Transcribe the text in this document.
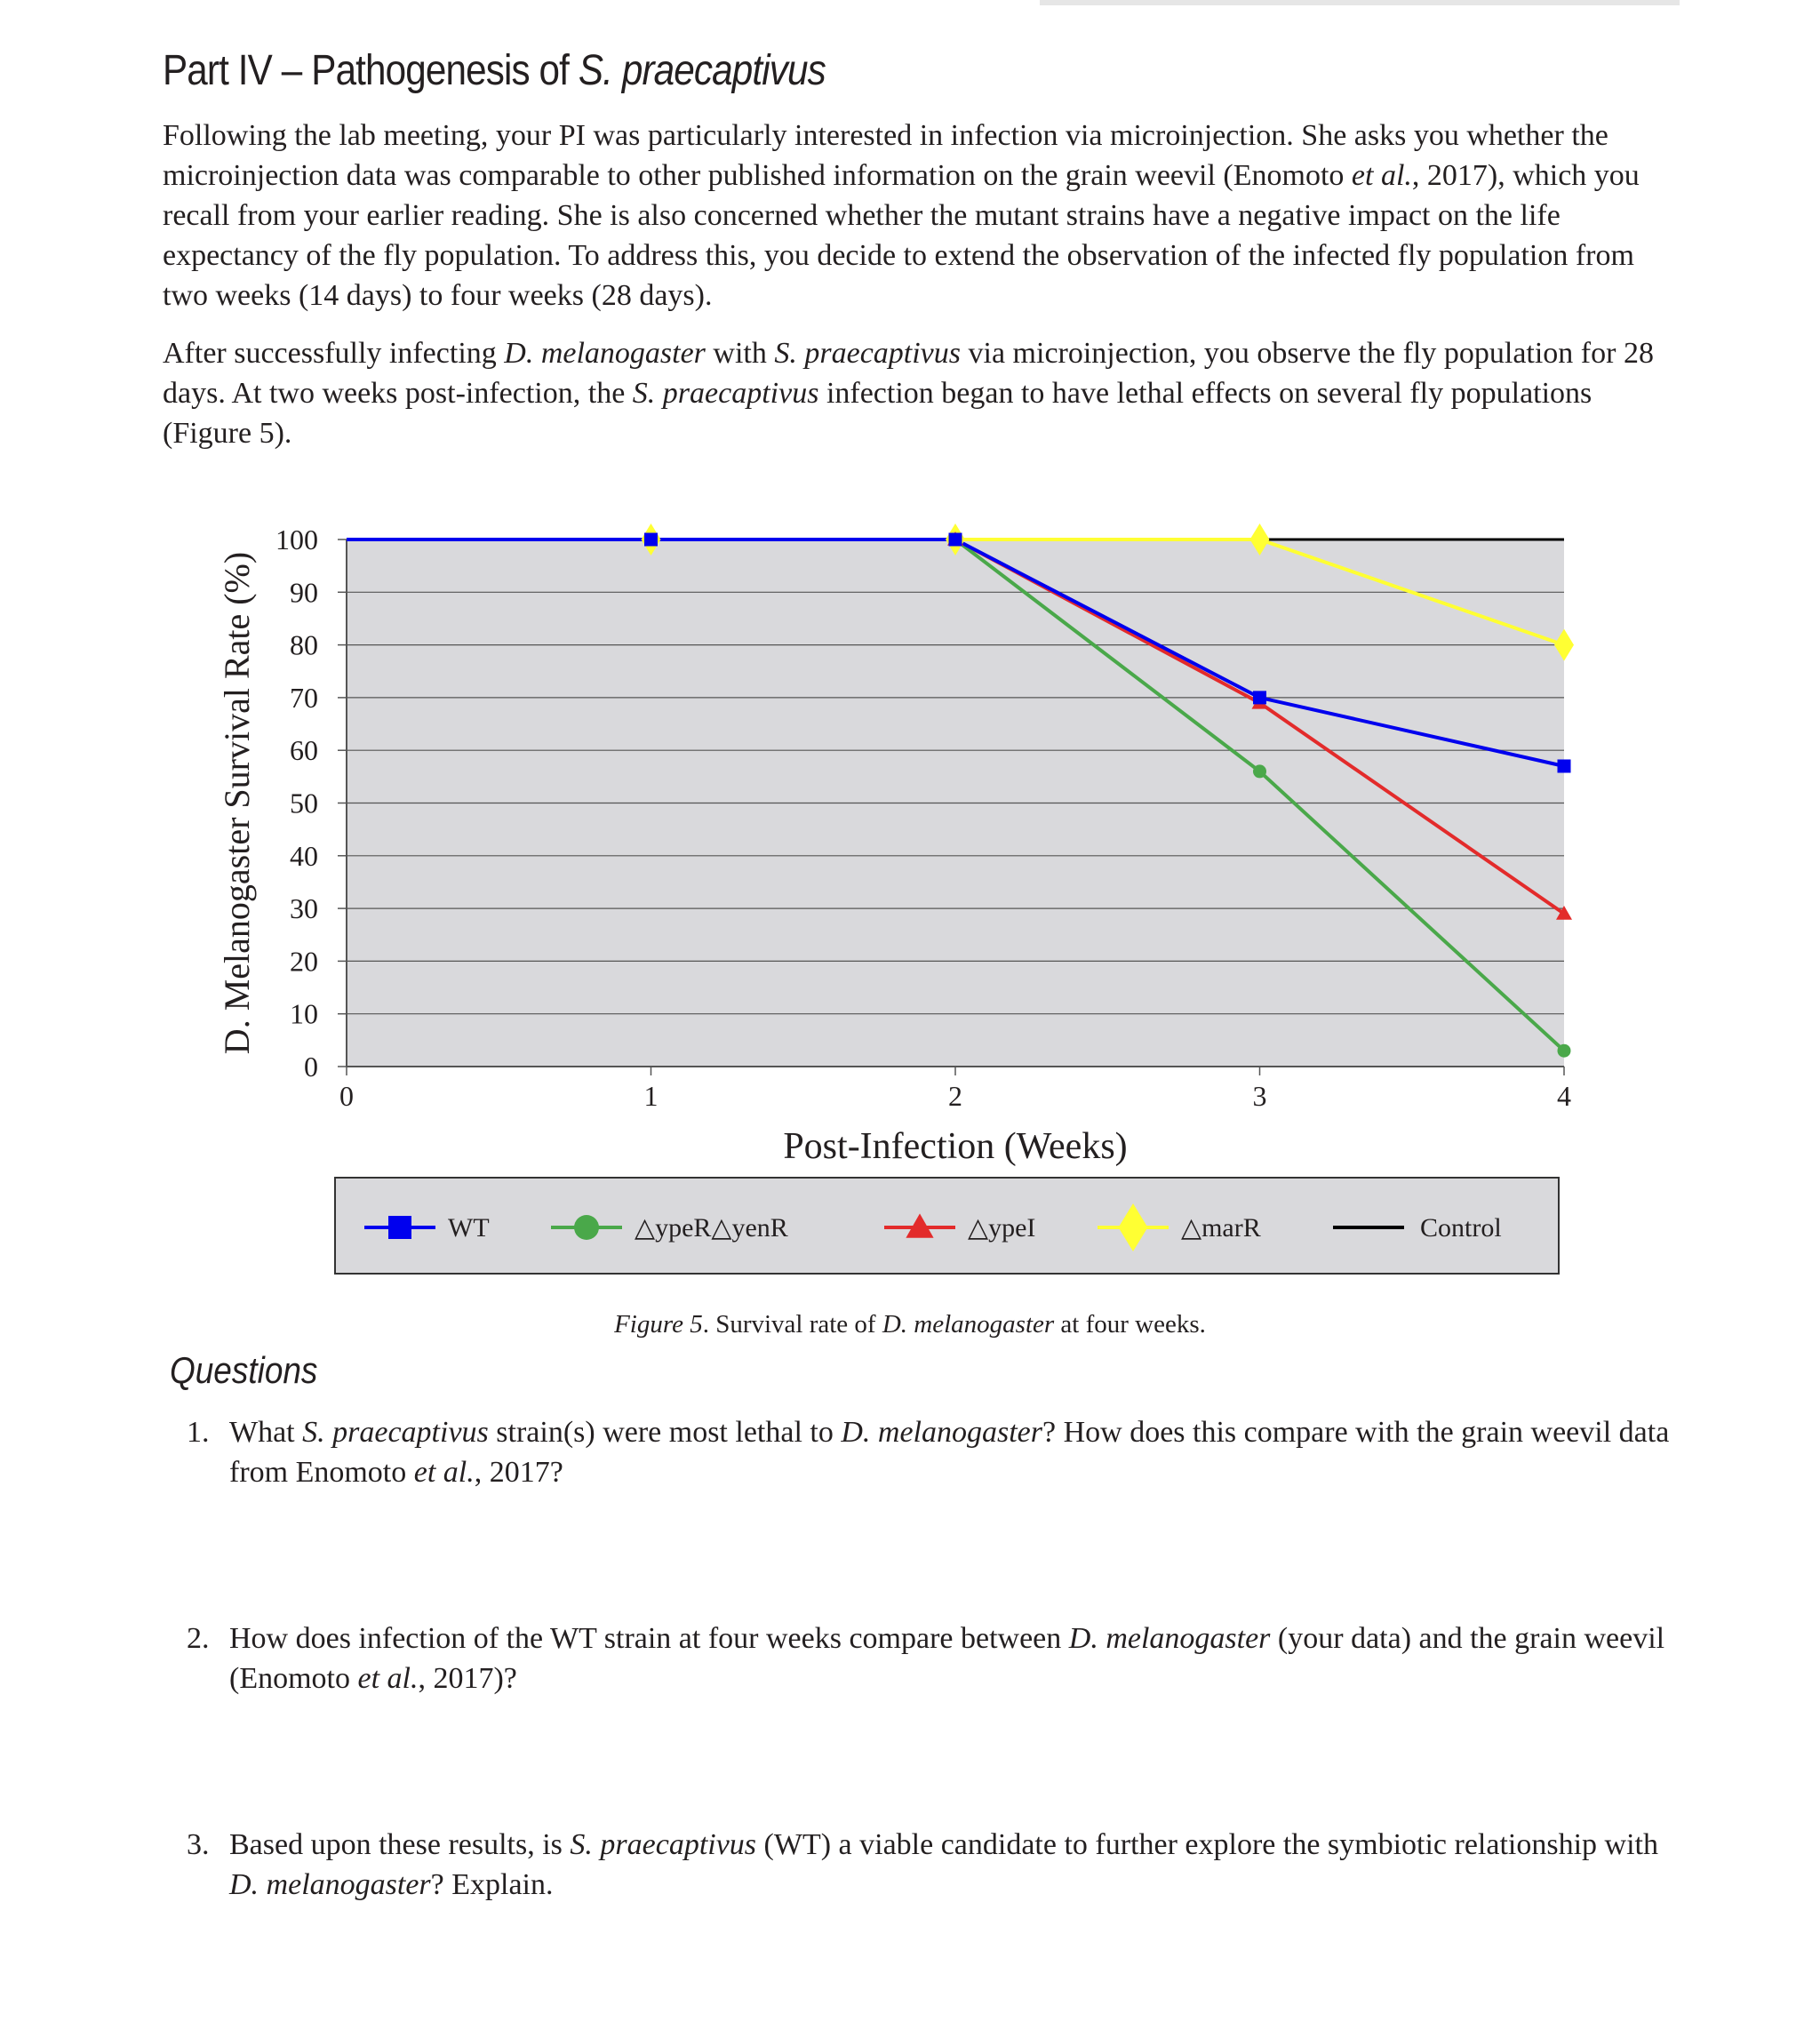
Part IV – Pathogenesis of S. praecaptivus

Following the lab meeting, your PI was particularly interested in infection via microinjection. She asks you whether the microinjection data was comparable to other published information on the grain weevil (Enomoto et al., 2017), which you recall from your earlier reading. She is also concerned whether the mutant strains have a negative impact on the life expectancy of the fly population. To address this, you decide to extend the observation of the infected fly population from two weeks (14 days) to four weeks (28 days).

After successfully infecting D. melanogaster with S. praecaptivus via microinjection, you observe the fly population for 28 days. At two weeks post-infection, the S. praecaptivus infection began to have lethal effects on several fly populations (Figure 5).

0
10
20
30
40
50
60
70
80
90
100
0	1	2	3	4
D. Melanogaster Survival Rate (%)
Post-Infection (Weeks)
WT	△ypeR△yenR	△ypeI	△marR	Control
Figure 5. Survival rate of D. melanogaster at four weeks.
Questions
1. What S. praecaptivus strain(s) were most lethal to D. melanogaster? How does this compare with the grain weevil data from Enomoto et al., 2017?
2. How does infection of the WT strain at four weeks compare between D. melanogaster (your data) and the grain weevil (Enomoto et al., 2017)?
3. Based upon these results, is S. praecaptivus (WT) a viable candidate to further explore the symbiotic relationship with D. melanogaster? Explain.
